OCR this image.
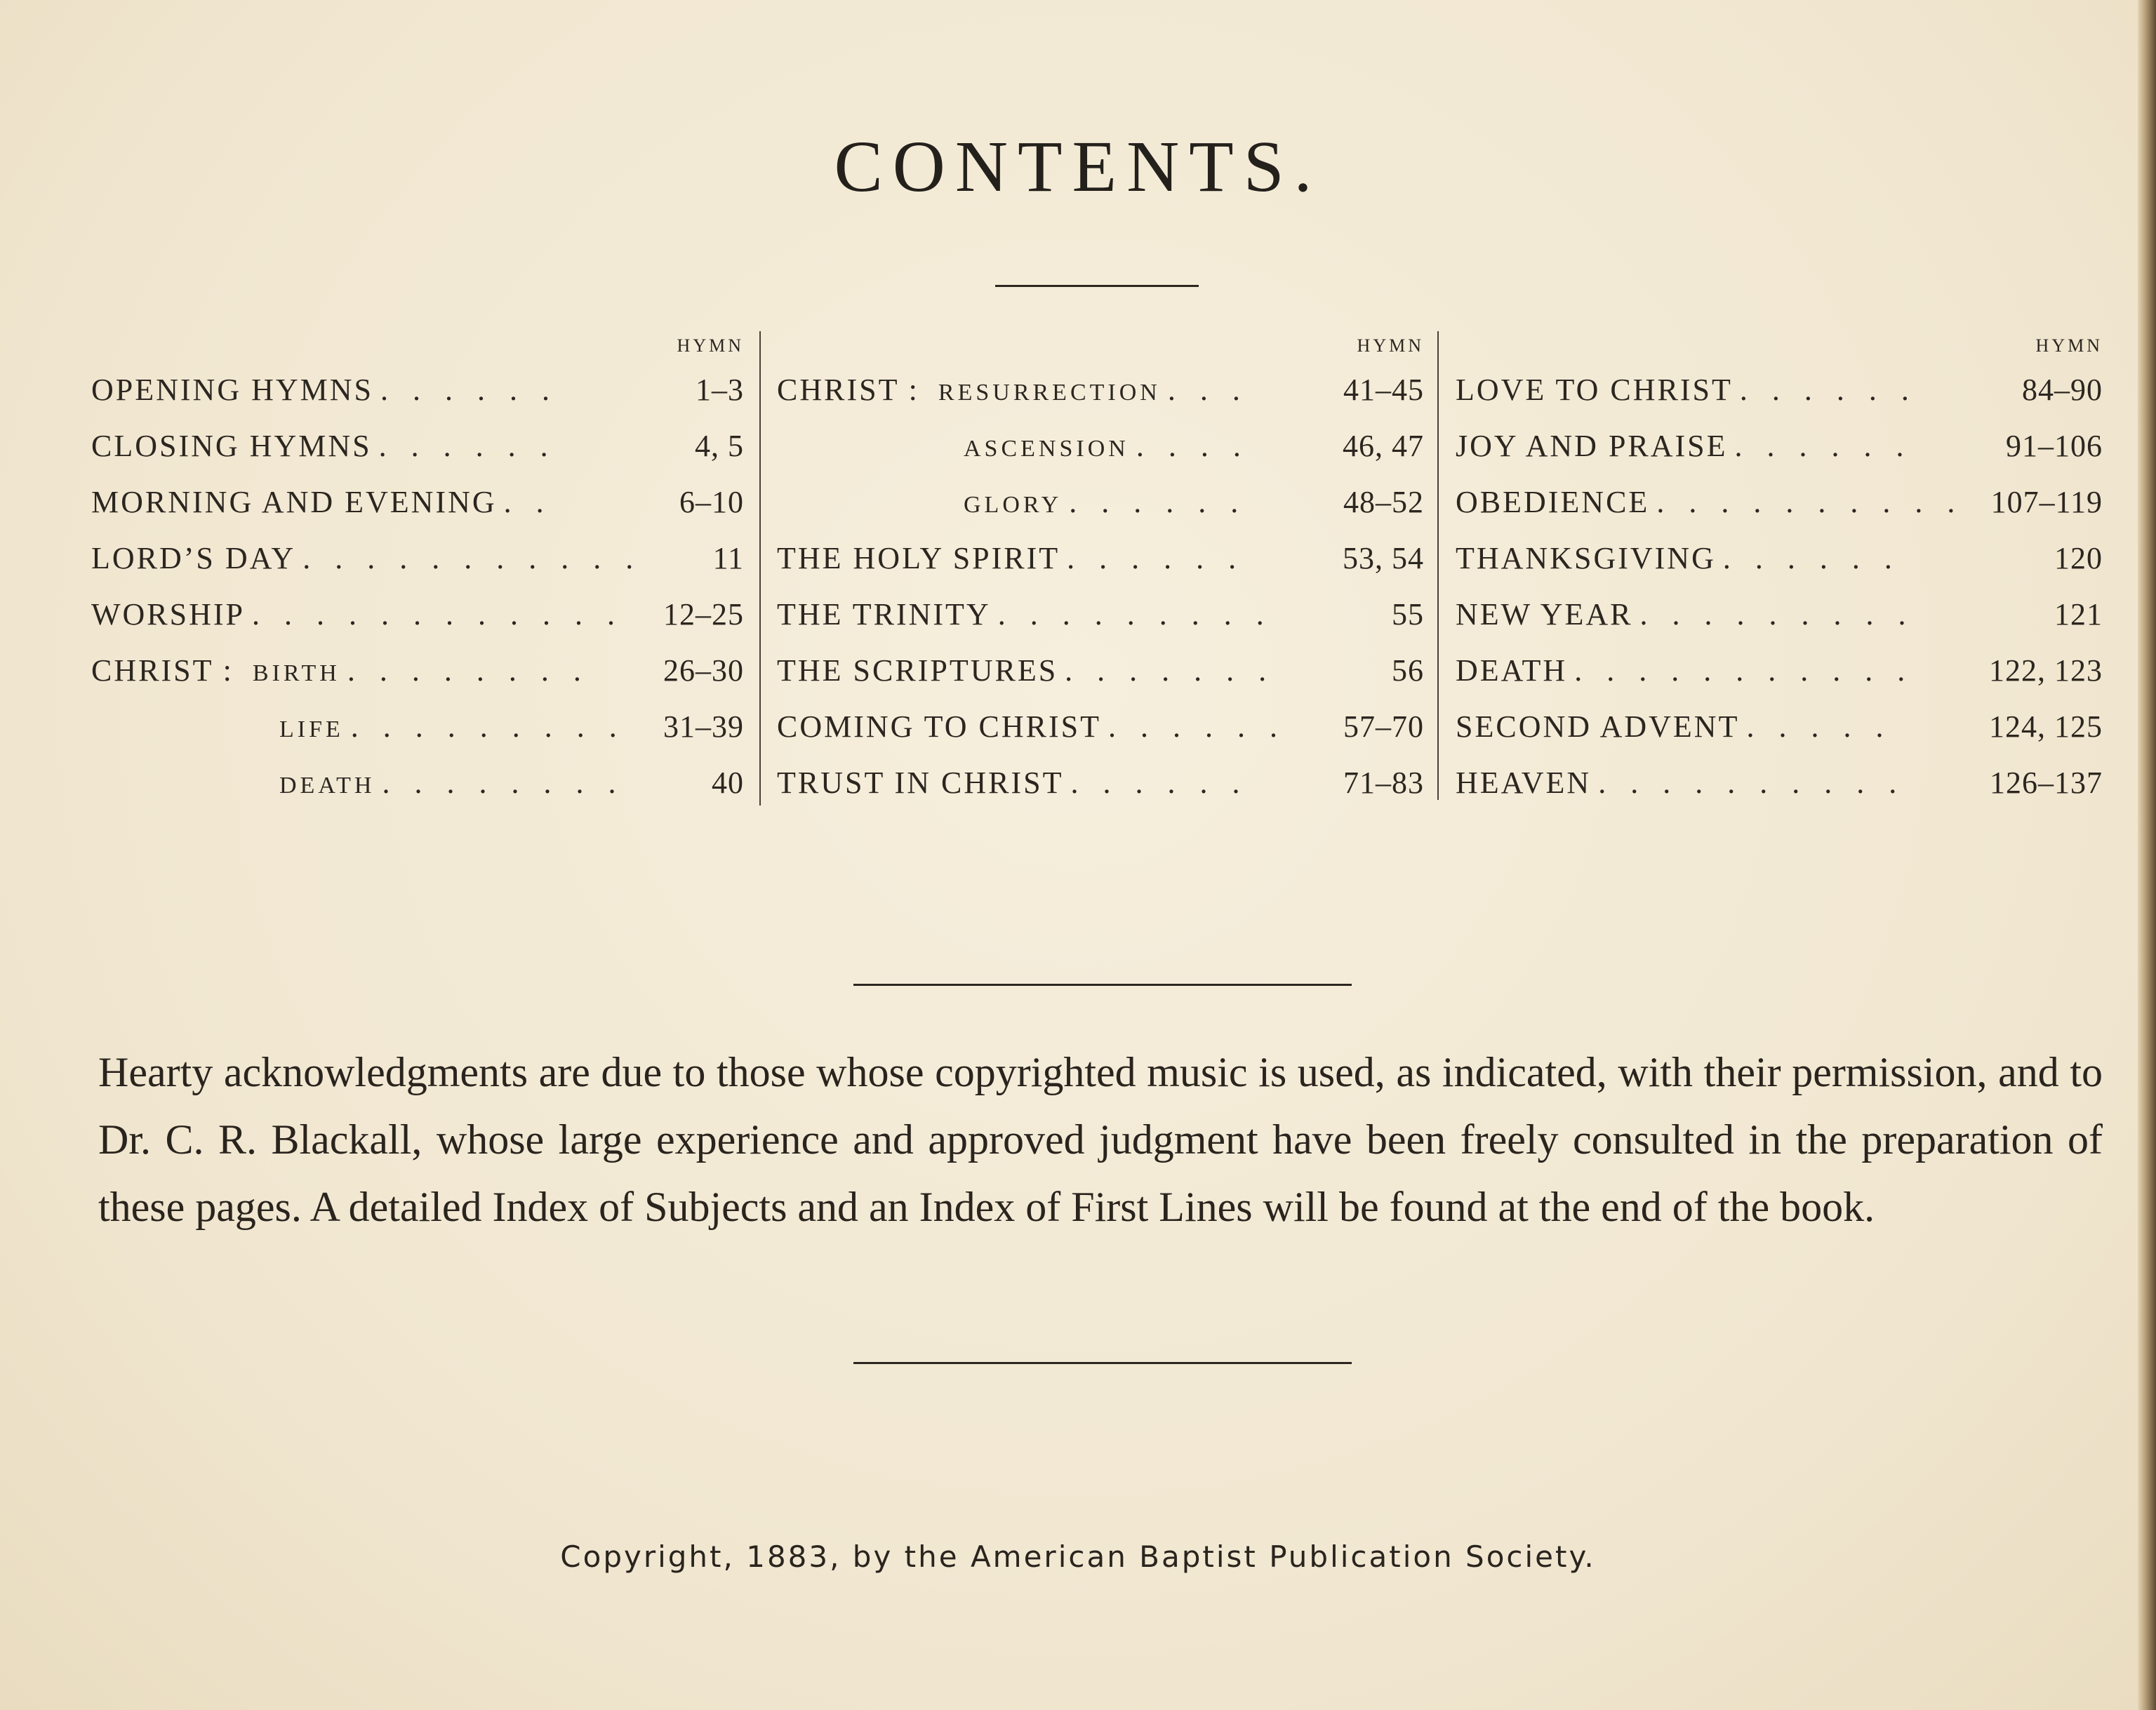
CONTENTS.
HYMN
OPENING HYMNS . . . . . .	1–3
CLOSING HYMNS . . . . . .	4, 5
MORNING AND EVENING . .	6–10
LORD’S DAY . . . . . . . . . . .	11
WORSHIP . . . . . . . . . . . .	12–25
CHRIST : BIRTH . . . . . . . .	26–30
LIFE . . . . . . . . .	31–39
DEATH . . . . . . . .	40
HYMN
CHRIST : RESURRECTION . . .	41–45
ASCENSION . . . .	46, 47
GLORY . . . . . .	48–52
THE HOLY SPIRIT . . . . . .	53, 54
THE TRINITY . . . . . . . . .	55
THE SCRIPTURES . . . . . . .	56
COMING TO CHRIST . . . . . .	57–70
TRUST IN CHRIST . . . . . .	71–83
HYMN
LOVE TO CHRIST . . . . . .	84–90
JOY AND PRAISE . . . . . .	91–106
OBEDIENCE . . . . . . . . . . 107–119
THANKSGIVING . . . . . .	120
NEW YEAR . . . . . . . . .	121
DEATH . . . . . . . . . . .	122, 123
SECOND ADVENT . . . . .	124, 125
HEAVEN . . . . . . . . . .	126–137

Hearty acknowledgments are due to those whose copyrighted music is used, as indicated, with their permission, and to Dr. C. R. Blackall, whose large experience and approved judgment have been freely consulted in the preparation of these pages. A detailed Index of Subjects and an Index of First Lines will be found at the end of the book.

Copyright, 1883, by the American Baptist Publication Society.
